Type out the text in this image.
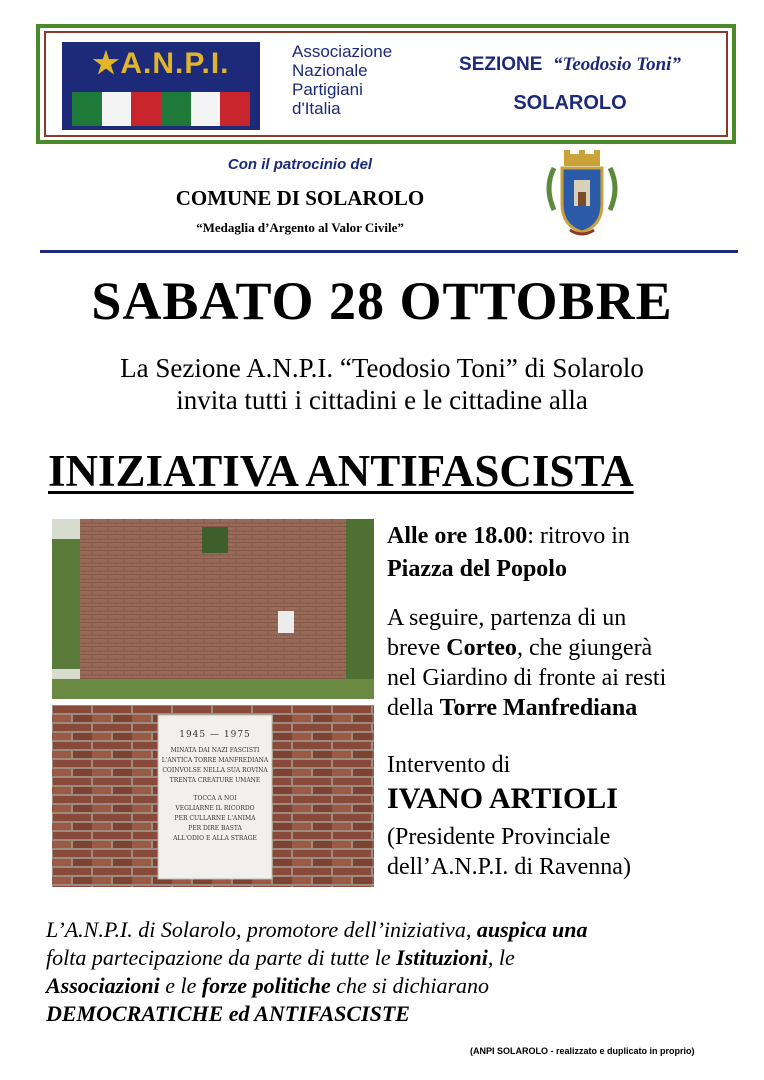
★A.N.P.I.	Associazione
Nazionale
Partigiani
d'Italia
SEZIONE “Teodosio Toni”
SOLAROLO
Con il patrocinio del
COMUNE DI SOLAROLO
“Medaglia d’Argento al Valor Civile”
SABATO 28 OTTOBRE
La Sezione A.N.P.I. “Teodosio Toni” di Solarolo
invita tutti i cittadini e le cittadine alla
INIZIATIVA ANTIFASCISTA
1945 — 1975
MINATA DAI NAZI FASCISTI
L'ANTICA TORRE MANFREDIANA
COINVOLSE NELLA SUA ROVINA
TRENTA CREATURE UMANE
TOCCA A NOI
VEGLIARNE IL RICORDO
PER CULLARNE L'ANIMA
PER DIRE BASTA
ALL'ODIO E ALLA STRAGE
Alle ore 18.00: ritrovo in
Piazza del Popolo
A seguire, partenza di un
breve Corteo, che giungerà
nel Giardino di fronte ai resti
della Torre Manfrediana
Intervento di
IVANO ARTIOLI
(Presidente Provinciale
dell’A.N.P.I. di Ravenna)
L’A.N.P.I. di Solarolo, promotore dell’iniziativa, auspica una
folta partecipazione da parte di tutte le Istituzioni, le
Associazioni e le forze politiche che si dichiarano
DEMOCRATICHE ed ANTIFASCISTE
(ANPI SOLAROLO - realizzato e duplicato in proprio)
